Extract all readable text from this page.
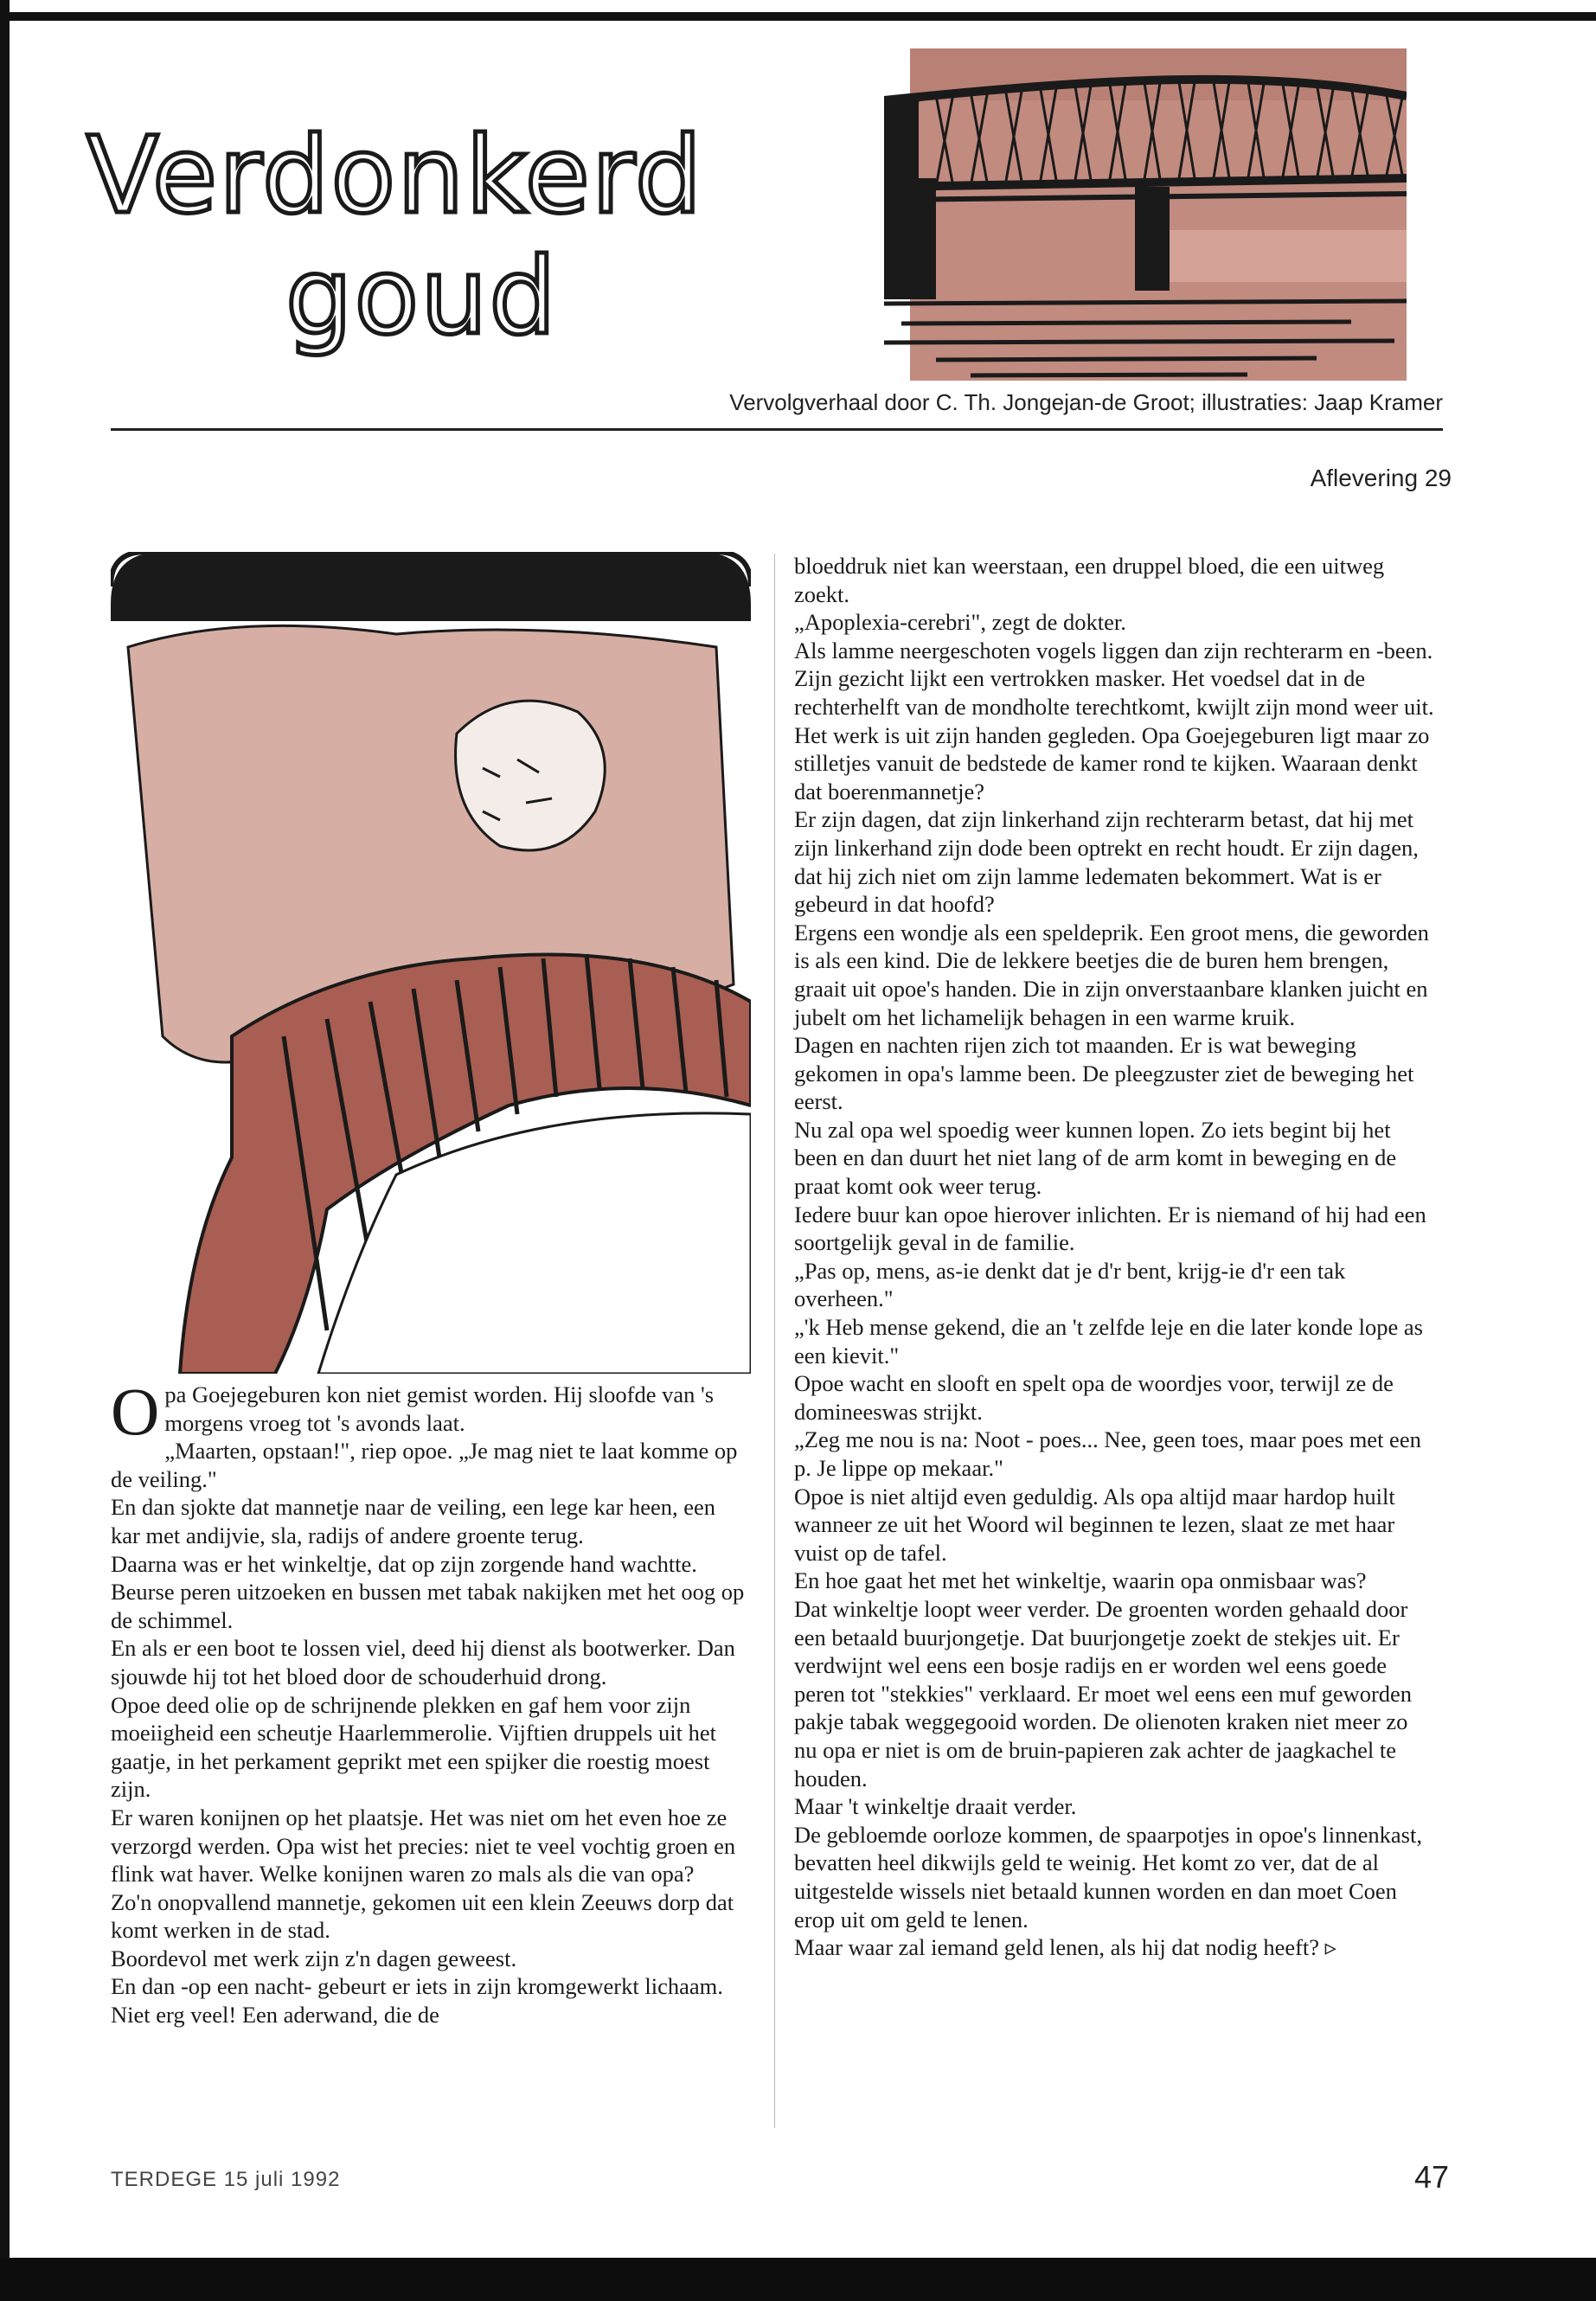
Verdonkerd
goud
Vervolgverhaal door C. Th. Jongejan-de Groot; illustraties: Jaap Kramer
Aflevering 29

O pa Goejegeburen kon niet gemist worden. Hij sloofde van 's morgens vroeg tot 's avonds laat.

„Maarten, opstaan!", riep opoe. „Je mag niet te laat komme op de veiling."

En dan sjokte dat mannetje naar de veiling, een lege kar heen, een kar met andijvie, sla, radijs of andere groente terug.

Daarna was er het winkeltje, dat op zijn zorgende hand wachtte. Beurse peren uitzoeken en bussen met tabak nakijken met het oog op de schimmel.

En als er een boot te lossen viel, deed hij dienst als bootwerker. Dan sjouwde hij tot het bloed door de schouderhuid drong.

Opoe deed olie op de schrijnende plekken en gaf hem voor zijn moeiigheid een scheutje Haarlemmerolie. Vijftien druppels uit het gaatje, in het perkament geprikt met een spijker die roestig moest zijn.

Er waren konijnen op het plaatsje. Het was niet om het even hoe ze verzorgd werden. Opa wist het precies: niet te veel vochtig groen en flink wat haver. Welke konijnen waren zo mals als die van opa?

Zo'n onopvallend mannetje, gekomen uit een klein Zeeuws dorp dat komt werken in de stad.

Boordevol met werk zijn z'n dagen geweest.

En dan -op een nacht- gebeurt er iets in zijn kromgewerkt lichaam. Niet erg veel! Een aderwand, die de

bloeddruk niet kan weerstaan, een druppel bloed, die een uitweg zoekt.

„Apoplexia-cerebri", zegt de dokter.

Als lamme neergeschoten vogels liggen dan zijn rechterarm en -been. Zijn gezicht lijkt een vertrokken masker. Het voedsel dat in de rechterhelft van de mondholte terechtkomt, kwijlt zijn mond weer uit.

Het werk is uit zijn handen gegleden. Opa Goejegeburen ligt maar zo stilletjes vanuit de bedstede de kamer rond te kijken. Waaraan denkt dat boerenmannetje?

Er zijn dagen, dat zijn linkerhand zijn rechterarm betast, dat hij met zijn linkerhand zijn dode been optrekt en recht houdt. Er zijn dagen, dat hij zich niet om zijn lamme ledematen bekommert. Wat is er gebeurd in dat hoofd?

Ergens een wondje als een speldeprik. Een groot mens, die geworden is als een kind. Die de lekkere beetjes die de buren hem brengen, graait uit opoe's handen. Die in zijn onverstaanbare klanken juicht en jubelt om het lichamelijk behagen in een warme kruik.

Dagen en nachten rijen zich tot maanden. Er is wat beweging gekomen in opa's lamme been. De pleegzuster ziet de beweging het eerst.

Nu zal opa wel spoedig weer kunnen lopen. Zo iets begint bij het been en dan duurt het niet lang of de arm komt in beweging en de praat komt ook weer terug.

Iedere buur kan opoe hierover inlichten. Er is niemand of hij had een soortgelijk geval in de familie.

„Pas op, mens, as-ie denkt dat je d'r bent, krijg-ie d'r een tak overheen."

„'k Heb mense gekend, die an 't zelfde leje en die later konde lope as een kievit."

Opoe wacht en slooft en spelt opa de woordjes voor, terwijl ze de domineeswas strijkt.

„Zeg me nou is na: Noot - poes... Nee, geen toes, maar poes met een p. Je lippe op mekaar."

Opoe is niet altijd even geduldig. Als opa altijd maar hardop huilt wanneer ze uit het Woord wil beginnen te lezen, slaat ze met haar vuist op de tafel.

En hoe gaat het met het winkeltje, waarin opa onmisbaar was?

Dat winkeltje loopt weer verder. De groenten worden gehaald door een betaald buurjongetje. Dat buurjongetje zoekt de stekjes uit. Er verdwijnt wel eens een bosje radijs en er worden wel eens goede peren tot "stekkies" verklaard. Er moet wel eens een muf geworden pakje tabak weggegooid worden. De olienoten kraken niet meer zo nu opa er niet is om de bruin-papieren zak achter de jaagkachel te houden.

Maar 't winkeltje draait verder.

De gebloemde oorloze kommen, de spaarpotjes in opoe's linnenkast, bevatten heel dikwijls geld te weinig. Het komt zo ver, dat de al uitgestelde wissels niet betaald kunnen worden en dan moet Coen erop uit om geld te lenen.

Maar waar zal iemand geld lenen, als hij dat nodig heeft? ▹

TERDEGE 15 juli 1992	47
